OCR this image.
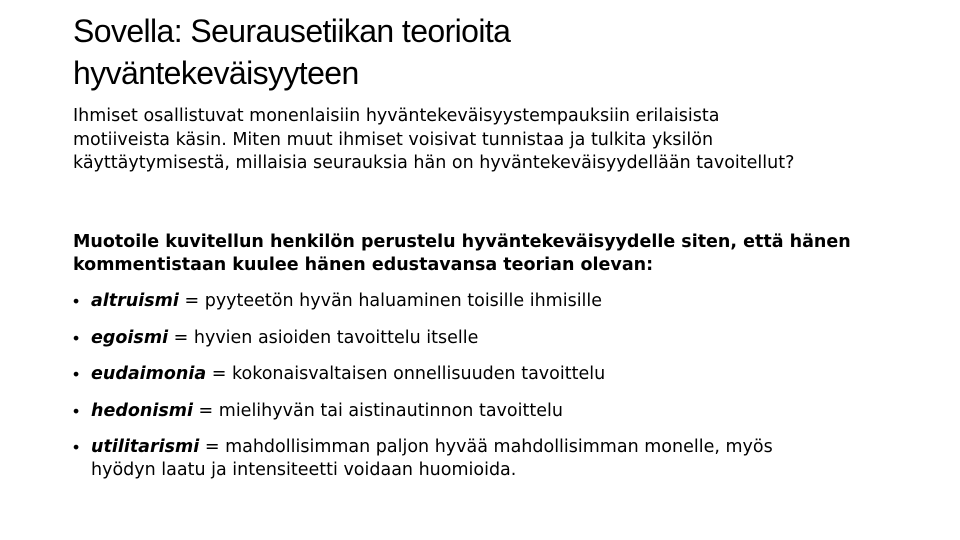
Sovella: Seurausetiikan teorioita
hyväntekeväisyyteen

Ihmiset osallistuvat monenlaisiin hyväntekeväisyystempauksiin erilaisista
motiiveista käsin. Miten muut ihmiset voisivat tunnistaa ja tulkita yksilön
käyttäytymisestä, millaisia seurauksia hän on hyväntekeväisyydellään tavoitellut?

Muotoile kuvitellun henkilön perustelu hyväntekeväisyydelle siten, että hänen
kommentistaan kuulee hänen edustavansa teorian olevan:

• altruismi = pyyteetön hyvän haluaminen toisille ihmisille
• egoismi = hyvien asioiden tavoittelu itselle
• eudaimonia = kokonaisvaltaisen onnellisuuden tavoittelu
• hedonismi = mielihyvän tai aistinautinnon tavoittelu
• utilitarismi = mahdollisimman paljon hyvää mahdollisimman monelle, myös
hyödyn laatu ja intensiteetti voidaan huomioida.
